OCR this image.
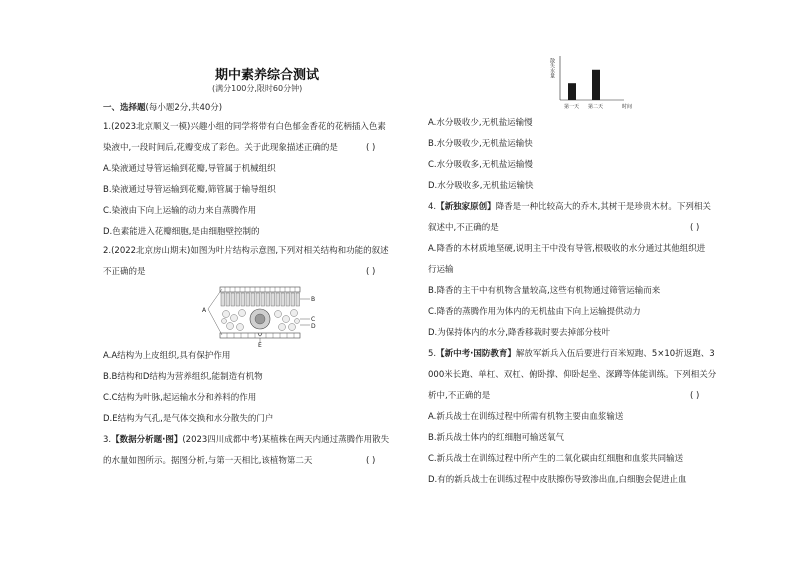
期中素养综合测试
(满分100分,限时60分钟)
一、选择题(每小题2分,共40分)
1.(2023北京顺义一模)兴趣小组的同学将带有白色郁金香花的花柄插入色素
染液中,一段时间后,花瓣变成了彩色。关于此现象描述正确的是	( )
A.染液通过导管运输到花瓣,导管属于机械组织
B.染液通过导管运输到花瓣,筛管属于输导组织
C.染液由下向上运输的动力来自蒸腾作用
D.色素能进入花瓣细胞,是由细胞壁控制的
2.(2022北京房山期末)如图为叶片结构示意图,下列对相关结构和功能的叙述
不正确的是	( )
A
B
C
D
E
A.A结构为上皮组织,具有保护作用
B.B结构和D结构为营养组织,能制造有机物
C.C结构为叶脉,起运输水分和养料的作用
D.E结构为气孔,是气体交换和水分散失的门户
3.【数据分析题·图】(2023四川成都中考)某植株在两天内通过蒸腾作用散失
的水量如图所示。据图分析,与第一天相比,该植物第二天	( )
散失水量
第一天 第二天	时间
A.水分吸收少,无机盐运输慢
B.水分吸收少,无机盐运输快
C.水分吸收多,无机盐运输慢
D.水分吸收多,无机盐运输快
4.【新独家原创】降香是一种比较高大的乔木,其树干是珍贵木材。下列相关
叙述中,不正确的是	( )
A.降香的木材质地坚硬,说明主干中没有导管,根吸收的水分通过其他组织进
行运输
B.降香的主干中有机物含量较高,这些有机物通过筛管运输而来
C.降香的蒸腾作用为体内的无机盐由下向上运输提供动力
D.为保持体内的水分,降香移栽时要去掉部分枝叶
5.【新中考·国防教育】解放军新兵入伍后要进行百米短跑、5×10折返跑、3
000米长跑、单杠、双杠、俯卧撑、仰卧起坐、深蹲等体能训练。下列相关分
析中,不正确的是	( )
A.新兵战士在训练过程中所需有机物主要由血浆输送
B.新兵战士体内的红细胞可输送氧气
C.新兵战士在训练过程中所产生的二氧化碳由红细胞和血浆共同输送
D.有的新兵战士在训练过程中皮肤擦伤导致渗出血,白细胞会促进止血
